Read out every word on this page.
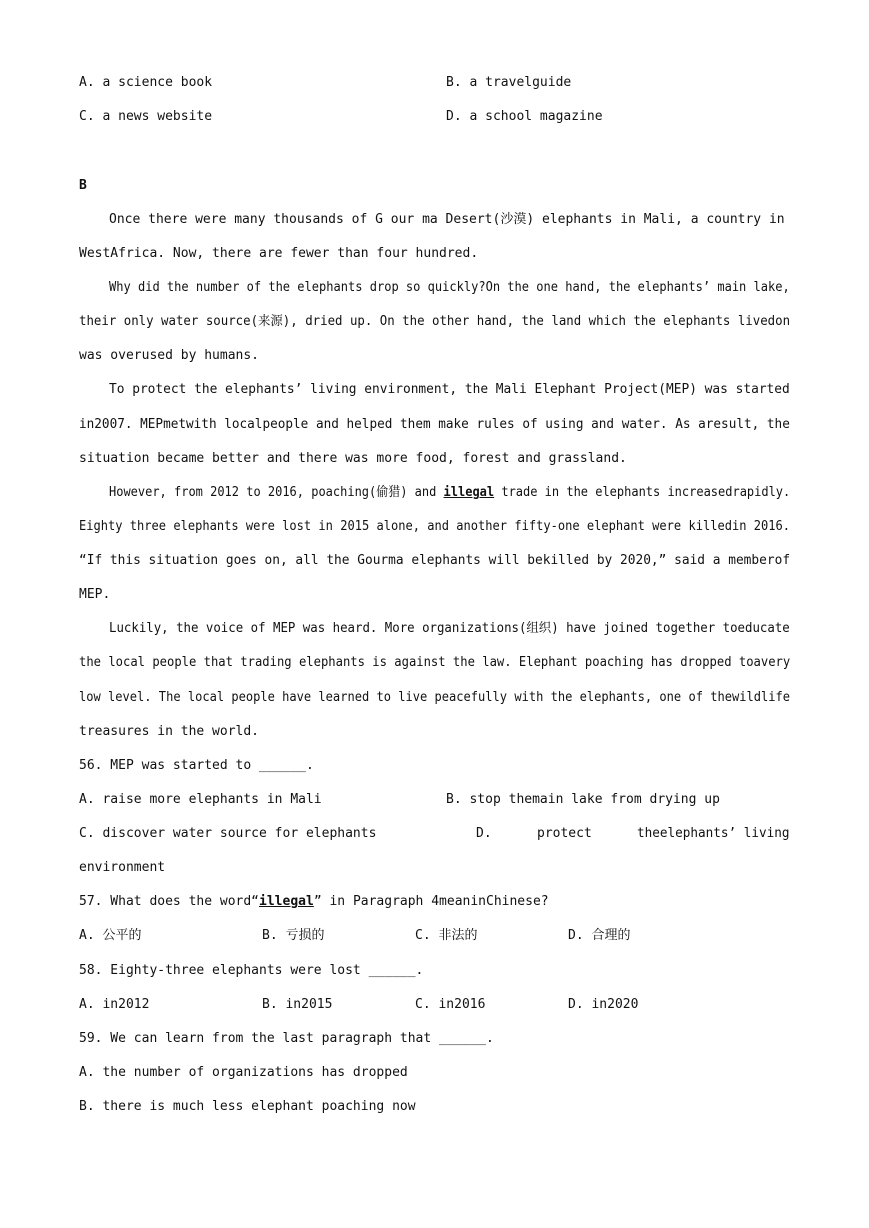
A. a science book	B. a travelguide
C. a news website	D. a school magazine
B
Once there were many thousands of G our ma Desert(沙漠) elephants in Mali, a country in
WestAfrica. Now, there are fewer than four hundred.
Why did the number of the elephants drop so quickly?On the one hand, the elephants’ main lake,
their only water source(来源), dried up. On the other hand, the land which the elephants livedon
was overused by humans.
To protect the elephants’ living environment, the Mali Elephant Project(MEP) was started
in2007. MEPmetwith localpeople and helped them make rules of using and water. As aresult, the
situation became better and there was more food, forest and grassland.
However, from 2012 to 2016, poaching(偷猎) and illegal trade in the elephants increasedrapidly.
Eighty three elephants were lost in 2015 alone, and another fifty-one elephant were killedin 2016.
“If this situation goes on, all the Gourma elephants will bekilled by 2020,” said a memberof
MEP.
Luckily, the voice of MEP was heard. More organizations(组织) have joined together toeducate
the local people that trading elephants is against the law. Elephant poaching has dropped toavery
low level. The local people have learned to live peacefully with the elephants, one of thewildlife
treasures in the world.
56. MEP was started to ______.
A. raise more elephants in Mali	B. stop themain lake from drying up
C. discover water source for elephants	D.	protect	theelephants’ living
environment
57. What does the word“illegal” in Paragraph 4meaninChinese?
A. 公平的	B. 亏损的	C. 非法的	D. 合理的
58. Eighty-three elephants were lost ______.
A. in2012	B. in2015	C. in2016	D. in2020
59. We can learn from the last paragraph that ______.
A. the number of organizations has dropped
B. there is much less elephant poaching now
